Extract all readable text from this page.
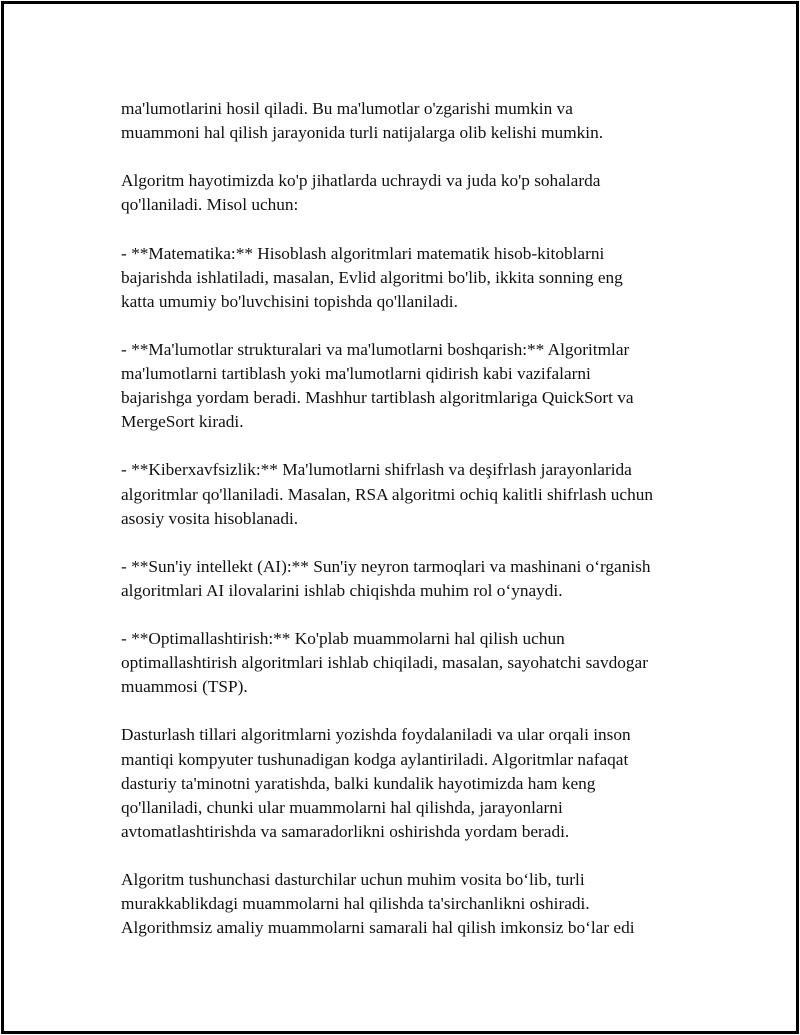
ma'lumotlarini hosil qiladi. Bu ma'lumotlar o'zgarishi mumkin va
muammoni hal qilish jarayonida turli natijalarga olib kelishi mumkin.

Algoritm hayotimizda ko'p jihatlarda uchraydi va juda ko'p sohalarda
qo'llaniladi. Misol uchun:

- **Matematika:** Hisoblash algoritmlari matematik hisob-kitoblarni
bajarishda ishlatiladi, masalan, Evlid algoritmi bo'lib, ikkita sonning eng
katta umumiy bo'luvchisini topishda qo'llaniladi.

- **Ma'lumotlar strukturalari va ma'lumotlarni boshqarish:** Algoritmlar
ma'lumotlarni tartiblash yoki ma'lumotlarni qidirish kabi vazifalarni
bajarishga yordam beradi. Mashhur tartiblash algoritmlariga QuickSort va
MergeSort kiradi.

- **Kiberxavfsizlik:** Ma'lumotlarni shifrlash va deşifrlash jarayonlarida
algoritmlar qo'llaniladi. Masalan, RSA algoritmi ochiq kalitli shifrlash uchun
asosiy vosita hisoblanadi.

- **Sun'iy intellekt (AI):** Sun'iy neyron tarmoqlari va mashinani o‘rganish
algoritmlari AI ilovalarini ishlab chiqishda muhim rol o‘ynaydi.

- **Optimallashtirish:** Ko'plab muammolarni hal qilish uchun
optimallashtirish algoritmlari ishlab chiqiladi, masalan, sayohatchi savdogar
muammosi (TSP).

Dasturlash tillari algoritmlarni yozishda foydalaniladi va ular orqali inson
mantiqi kompyuter tushunadigan kodga aylantiriladi. Algoritmlar nafaqat
dasturiy ta'minotni yaratishda, balki kundalik hayotimizda ham keng
qo'llaniladi, chunki ular muammolarni hal qilishda, jarayonlarni
avtomatlashtirishda va samaradorlikni oshirishda yordam beradi.

Algoritm tushunchasi dasturchilar uchun muhim vosita bo‘lib, turli
murakkablikdagi muammolarni hal qilishda ta'sirchanlikni oshiradi.
Algorithmsiz amaliy muammolarni samarali hal qilish imkonsiz bo‘lar edi
